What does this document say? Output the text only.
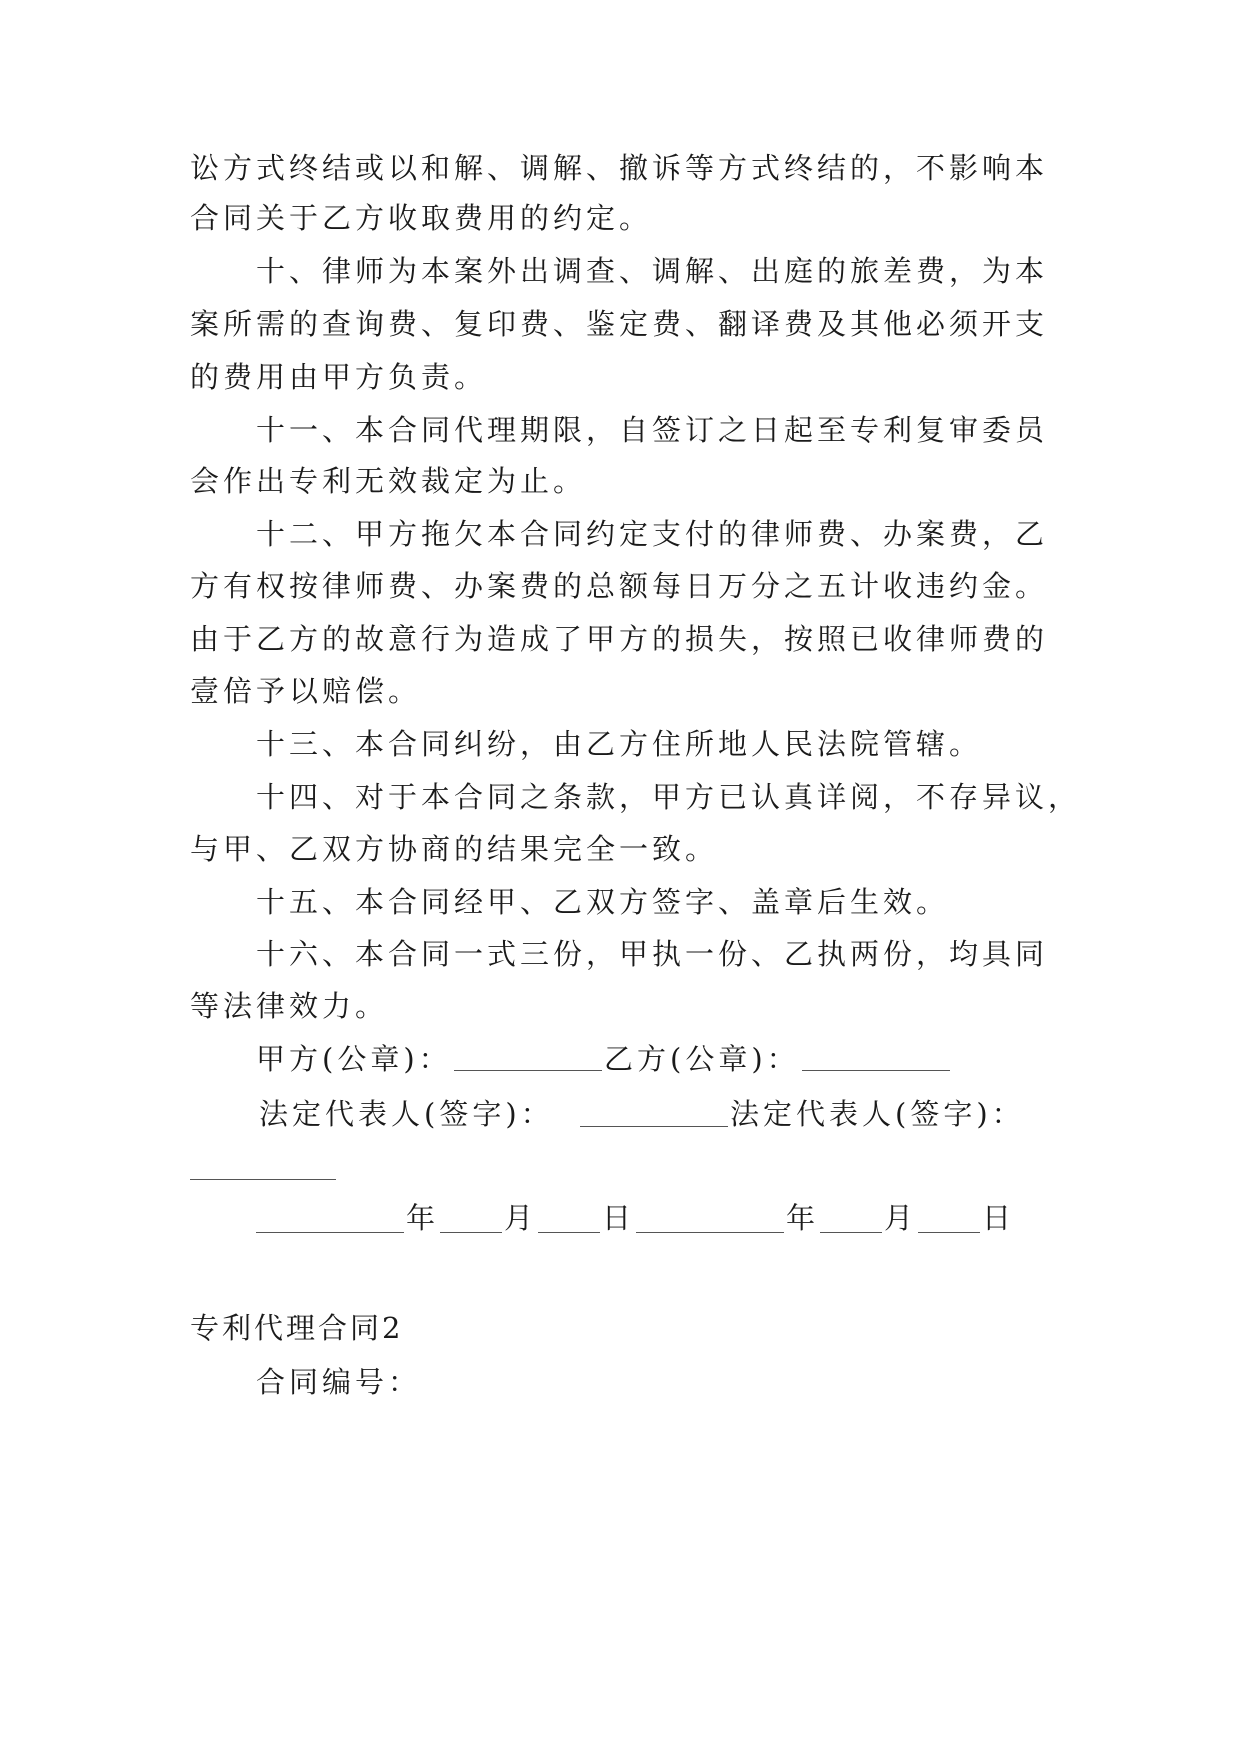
讼方式终结或以和解、调解、撤诉等方式终结的，不影响本
合同关于乙方收取费用的约定。
十、律师为本案外出调查、调解、出庭的旅差费，为本
案所需的查询费、复印费、鉴定费、翻译费及其他必须开支
的费用由甲方负责。
十一、本合同代理期限，自签订之日起至专利复审委员
会作出专利无效裁定为止。
十二、甲方拖欠本合同约定支付的律师费、办案费，乙
方有权按律师费、办案费的总额每日万分之五计收违约金。
由于乙方的故意行为造成了甲方的损失，按照已收律师费的
壹倍予以赔偿。
十三、本合同纠纷，由乙方住所地人民法院管辖。
十四、对于本合同之条款，甲方已认真详阅，不存异议，
与甲、乙双方协商的结果完全一致。
十五、本合同经甲、乙双方签字、盖章后生效。
十六、本合同一式三份，甲执一份、乙执两份，均具同
等法律效力。
甲方(公章)：	乙方(公章)：
法定代表人(签字)：	法定代表人(签字)：
年 月 日	年 月 日
专利代理合同2
合同编号：
